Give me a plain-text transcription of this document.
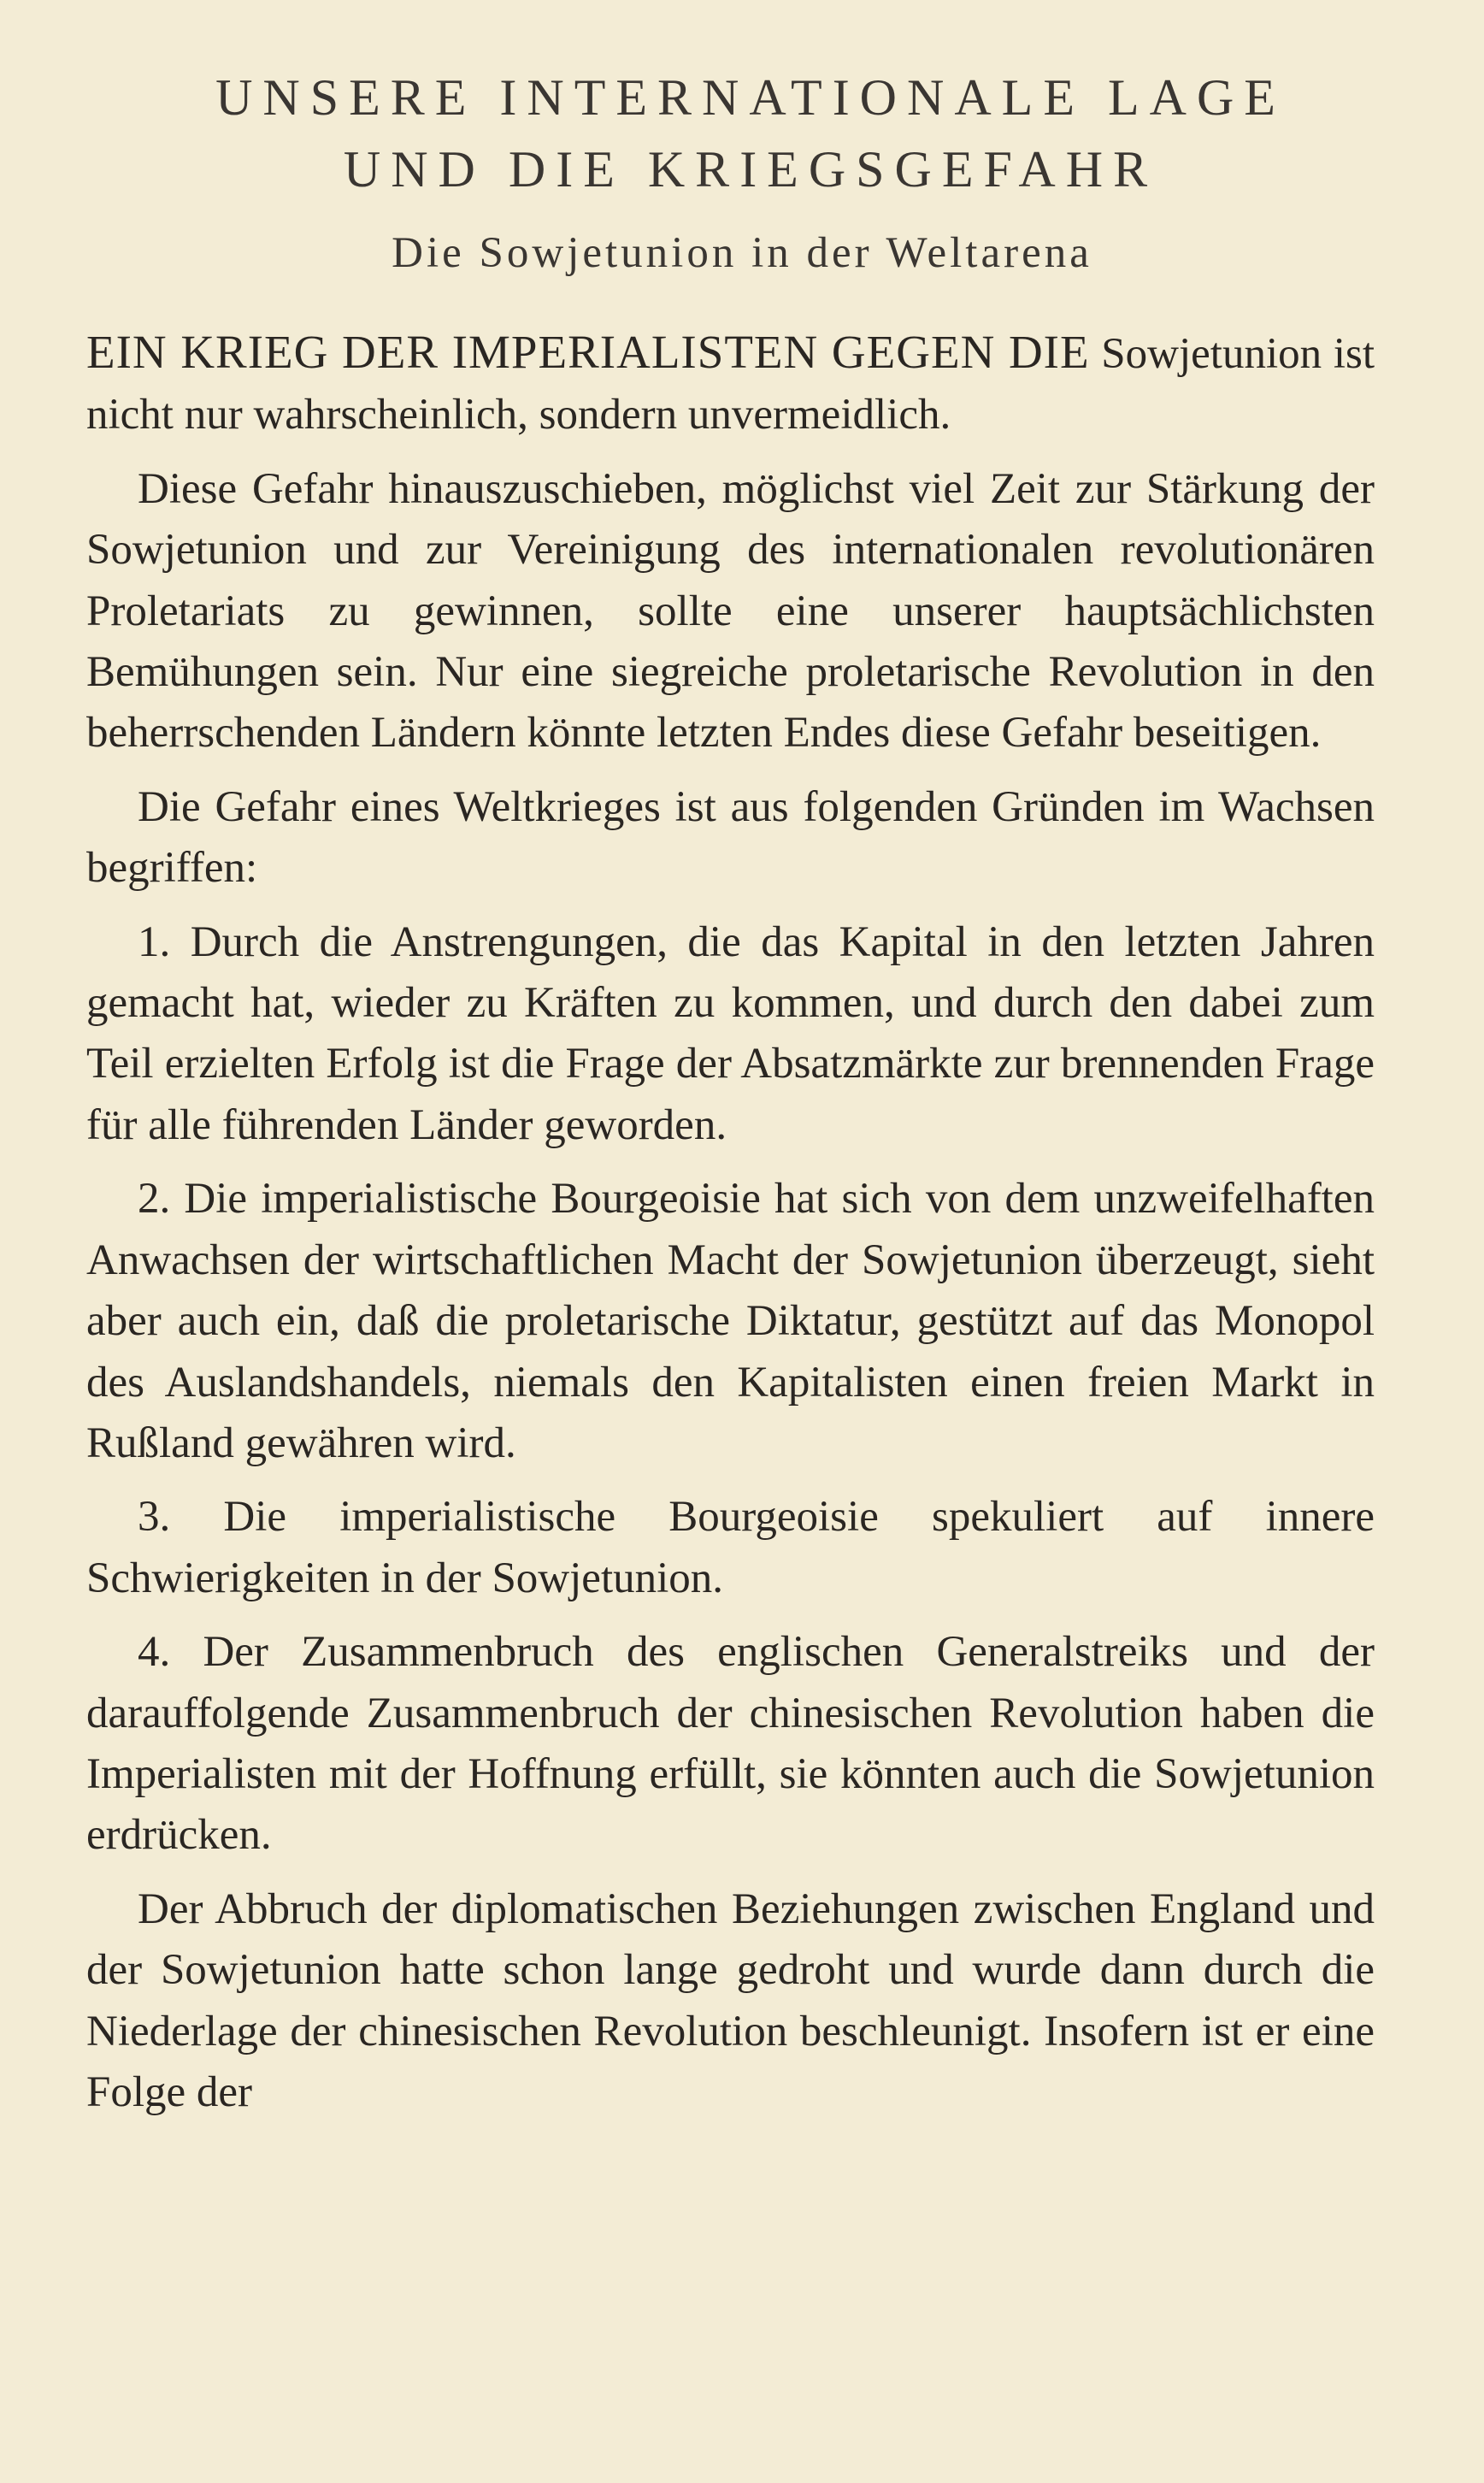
UNSERE INTERNATIONALE LAGE
UND DIE KRIEGSGEFAHR
Die Sowjetunion in der Weltarena

EIN KRIEG DER IMPERIALISTEN GEGEN DIE Sowjetunion ist nicht nur wahrscheinlich, sondern unvermeidlich.

Diese Gefahr hinauszuschieben, möglichst viel Zeit zur Stärkung der Sowjetunion und zur Vereinigung des internationalen revolutionären Proletariats zu gewinnen, sollte eine unserer hauptsächlichsten Bemühungen sein. Nur eine siegreiche proletarische Revolution in den beherrschenden Ländern könnte letzten Endes diese Gefahr beseitigen.

Die Gefahr eines Weltkrieges ist aus folgenden Gründen im Wachsen begriffen:

1. Durch die Anstrengungen, die das Kapital in den letzten Jahren gemacht hat, wieder zu Kräften zu kommen, und durch den dabei zum Teil erzielten Erfolg ist die Frage der Absatzmärkte zur brennenden Frage für alle führenden Länder geworden.

2. Die imperialistische Bourgeoisie hat sich von dem unzweifelhaften Anwachsen der wirtschaftlichen Macht der Sowjetunion überzeugt, sieht aber auch ein, daß die proletarische Diktatur, gestützt auf das Monopol des Auslandshandels, niemals den Kapitalisten einen freien Markt in Rußland gewähren wird.

3. Die imperialistische Bourgeoisie spekuliert auf innere Schwierigkeiten in der Sowjetunion.

4. Der Zusammenbruch des englischen Generalstreiks und der darauffolgende Zusammenbruch der chinesischen Revolution haben die Imperialisten mit der Hoffnung erfüllt, sie könnten auch die Sowjetunion erdrücken.

Der Abbruch der diplomatischen Beziehungen zwischen England und der Sowjetunion hatte schon lange gedroht und wurde dann durch die Niederlage der chinesischen Revolution beschleunigt. Insofern ist er eine Folge der
